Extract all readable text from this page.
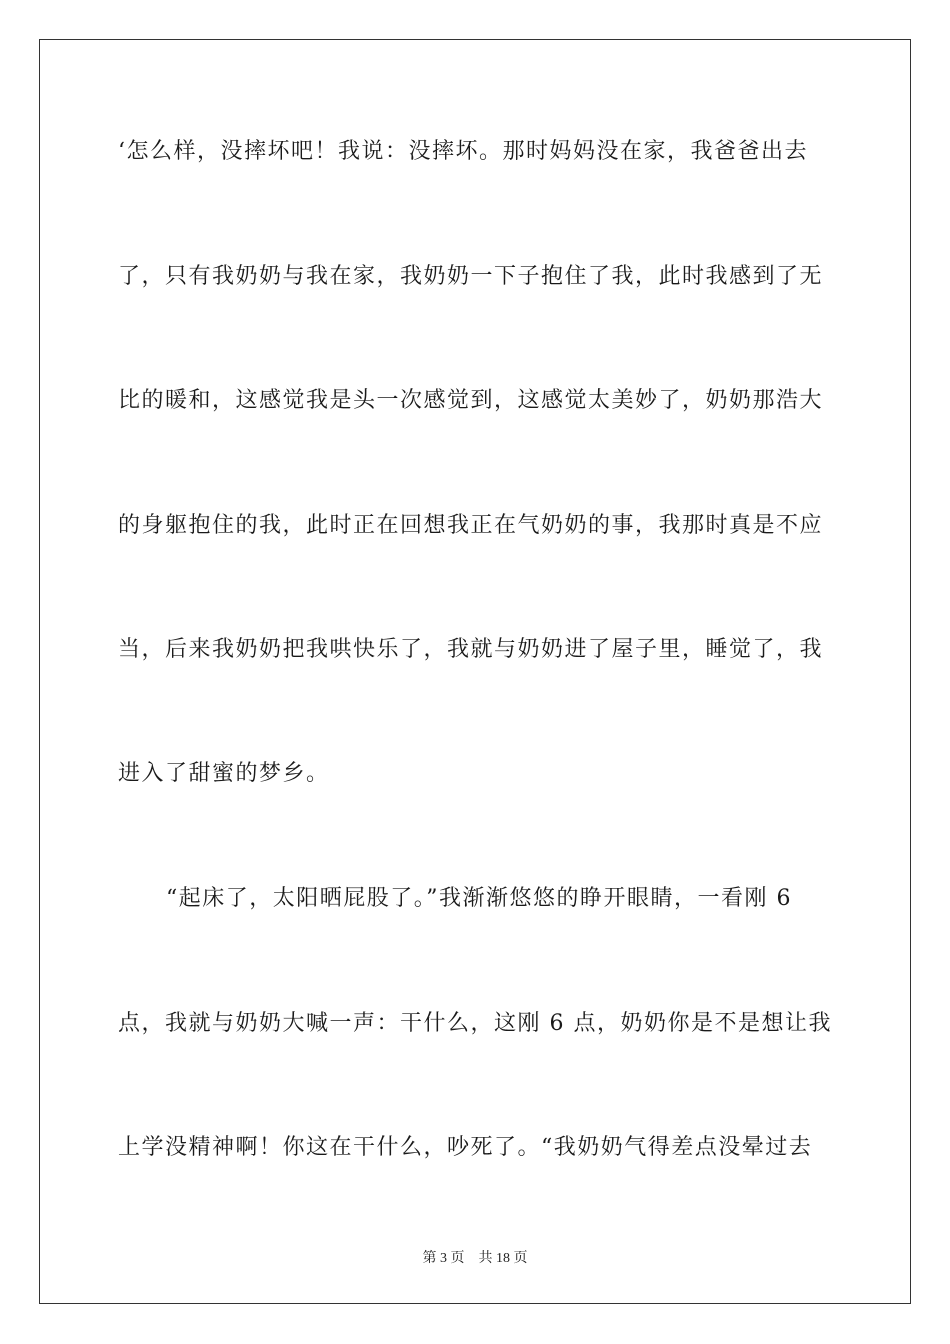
‘怎么样，没摔坏吧！我说：没摔坏。那时妈妈没在家，我爸爸出去
了，只有我奶奶与我在家，我奶奶一下子抱住了我，此时我感到了无
比的暖和，这感觉我是头一次感觉到，这感觉太美妙了，奶奶那浩大
的身躯抱住的我，此时正在回想我正在气奶奶的事，我那时真是不应
当，后来我奶奶把我哄快乐了，我就与奶奶进了屋子里，睡觉了，我
进入了甜蜜的梦乡。
“起床了，太阳晒屁股了。”我渐渐悠悠的睁开眼睛，一看刚 6
点，我就与奶奶大喊一声：干什么，这刚 6 点，奶奶你是不是想让我
上学没精神啊！你这在干什么，吵死了。“我奶奶气得差点没晕过去
第 3 页    共 18 页
